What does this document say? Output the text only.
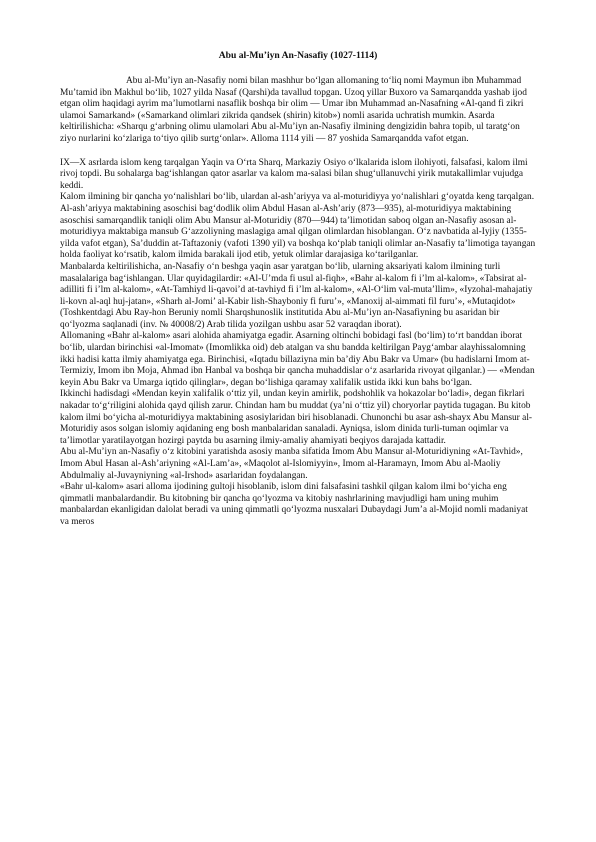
Abu al-Mu’iyn An-Nasafiy (1027-1114)

Abu al-Mu’iyn an-Nasafiy nomi bilan mashhur bo‘lgan allomaning to‘liq nomi Maymun ibn Muhammad Mu’tamid ibn Makhul bo‘lib, 1027 yilda Nasaf (Qarshi)da tavallud topgan. Uzoq yillar Buxoro va Samarqandda yashab ijod etgan olim haqidagi ayrim ma’lumotlarni nasaflik boshqa bir olim — Umar ibn Muhammad an-Nasafning «Al-qand fi zikri ulamoi Samarkand» («Samarkand olimlari zikrida qandsek (shirin) kitob») nomli asarida uchratish mumkin. Asarda keltirilishicha: «Sharqu g‘arbning olimu ulamolari Abu al-Mu’iyn an-Nasafiy ilmining dengizidin bahra topib, ul taratg‘on ziyo nurlarini ko‘zlariga to‘tiyo qilib surtg‘onlar». Alloma 1114 yili — 87 yoshida Samarqandda vafot etgan.

IX—X asrlarda islom keng tarqalgan Yaqin va O‘rta Sharq, Markaziy Osiyo o‘lkalarida islom ilohiyoti, falsafasi, kalom ilmi rivoj topdi. Bu sohalarga bag‘ishlangan qator asarlar va kalom ma-salasi bilan shug‘ullanuvchi yirik mutakallimlar vujudga keddi.

Kalom ilmining bir qancha yo‘nalishlari bo‘lib, ulardan al-ash’ariyya va al-moturidiyya yo‘nalishlari g‘oyatda keng tarqalgan. Al-ash’ariyya maktabining asoschisi bag‘dodlik olim Abdul Hasan al-Ash’ariy (873—935), al-moturidiyya maktabining asoschisi samarqandlik taniqli olim Abu Mansur al-Moturidiy (870—944) ta’limotidan saboq olgan an-Nasafiy asosan al-moturidiyya maktabiga mansub G‘azzoliyning maslagiga amal qilgan olimlardan hisoblangan. O‘z navbatida al-Iyjiy (1355- yilda vafot etgan), Sa’duddin at-Taftazoniy (vafoti 1390 yil) va boshqa ko‘plab taniqli olimlar an-Nasafiy ta’limotiga tayangan holda faoliyat ko‘rsatib, kalom ilmida barakali ijod etib, yetuk olimlar darajasiga ko‘tarilganlar.

Manbalarda keltirilishicha, an-Nasafiy o‘n beshga yaqin asar yaratgan bo‘lib, ularning aksariyati kalom ilmining turli masalalariga bag‘ishlangan. Ular quyidagilardir: «Al-U’mda fi usul al-fiqh», «Bahr al-kalom fi i’lm al-kalom», «Tabsirat al-adilliti fi i’lm al-kalom», «At-Tamhiyd li-qavoi’d at-tavhiyd fi i’lm al-kalom», «Al-O‘lim val-muta’llim», «Iyzohal-mahajatiy li-kovn al-aql huj-jatan», «Sharh al-Jomi’ al-Kabir lish-Shayboniy fi furu’», «Manoxij al-aimmati fil furu’», «Mutaqidot» (Toshkentdagi Abu Ray-hon Beruniy nomli Sharqshunoslik institutida Abu al-Mu’iyn an-Nasafiyning bu asaridan bir qo‘lyozma saqlanadi (inv. № 40008/2) Arab tilida yozilgan ushbu asar 52 varaqdan iborat).

Allomaning «Bahr al-kalom» asari alohida ahamiyatga egadir. Asarning oltinchi bobidagi fasl (bo‘lim) to‘rt banddan iborat bo‘lib, ulardan birinchisi «al-Imomat» (Imomlikka oid) deb atalgan va shu bandda keltirilgan Payg‘ambar alayhissalomning ikki hadisi katta ilmiy ahamiyatga ega. Birinchisi, «Iqtadu billaziyna min ba’diy Abu Bakr va Umar» (bu hadislarni Imom at-Termiziy, Imom ibn Moja, Ahmad ibn Hanbal va boshqa bir qancha muhaddislar o‘z asarlarida rivoyat qilganlar.) — «Mendan keyin Abu Bakr va Umarga iqtido qilinglar», degan bo‘lishiga qaramay xalifalik ustida ikki kun bahs bo‘lgan.

Ikkinchi hadisdagi «Mendan keyin xalifalik o‘ttiz yil, undan keyin amirlik, podshohlik va hokazolar bo‘ladi», degan fikrlari nakadar to‘g‘riligini alohida qayd qilish zarur. Chindan ham bu muddat (ya’ni o‘ttiz yil) choryorlar paytida tugagan. Bu kitob kalom ilmi bo‘yicha al-moturidiyya maktabining asosiylaridan biri hisoblanadi. Chunonchi bu asar ash-shayx Abu Mansur al-Moturidiy asos solgan islomiy aqidaning eng bosh manbalaridan sanaladi. Ayniqsa, islom dinida turli-tuman oqimlar va ta’limotlar yaratilayotgan hozirgi paytda bu asarning ilmiy-amaliy ahamiyati beqiyos darajada kattadir.

Abu al-Mu’iyn an-Nasafiy o‘z kitobini yaratishda asosiy manba sifatida Imom Abu Mansur al-Moturidiyning «At-Tavhid», Imom Abul Hasan al-Ash’ariyning «Al-Lam’a», «Maqolot al-Islomiyyin», Imom al-Haramayn, Imom Abu al-Maoliy Abdulmaliy al-Juvayniyning «al-Irshod» asarlaridan foydalangan.

«Bahr ul-kalom» asari alloma ijodining gultoji hisoblanib, islom dini falsafasini tashkil qilgan kalom ilmi bo‘yicha eng qimmatli manbalardandir. Bu kitobning bir qancha qo‘lyozma va kitobiy nashrlarining mavjudligi ham uning muhim manbalardan ekanligidan dalolat beradi va uning qimmatli qo‘lyozma nusxalari Dubaydagi Jum’a al-Mojid nomli madaniyat va meros
